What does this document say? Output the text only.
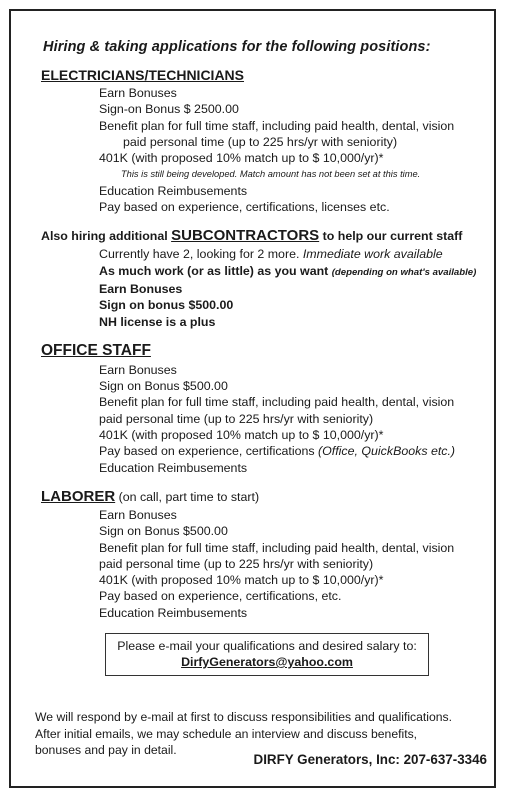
Hiring & taking applications for the following positions:
ELECTRICIANS/TECHNICIANS
Earn Bonuses
Sign-on Bonus $ 2500.00
Benefit plan for full time staff, including paid health, dental, vision
paid personal time (up to 225 hrs/yr with seniority)
401K (with proposed 10% match up to $ 10,000/yr)*
This is still being developed. Match amount has not been set at this time.
Education Reimbusements
Pay based on experience, certifications, licenses etc.
Also hiring additional SUBCONTRACTORS to help our current staff
Currently have 2, looking for 2 more. Immediate work available
As much work (or as little) as you want (depending on what's available)
Earn Bonuses
Sign on bonus $500.00
NH license is a plus
OFFICE STAFF
Earn Bonuses
Sign on Bonus $500.00
Benefit plan for full time staff, including paid health, dental, vision
paid personal time (up to 225 hrs/yr with seniority)
401K (with proposed 10% match up to $ 10,000/yr)*
Pay based on experience, certifications (Office, QuickBooks etc.)
Education Reimbusements
LABORER (on call, part time to start)
Earn Bonuses
Sign on Bonus $500.00
Benefit plan for full time staff, including paid health, dental, vision
paid personal time (up to 225 hrs/yr with seniority)
401K (with proposed 10% match up to $ 10,000/yr)*
Pay based on experience, certifications, etc.
Education Reimbusements
Please e-mail your qualifications and desired salary to:
DirfyGenerators@yahoo.com
We will respond by e-mail at first to discuss responsibilities and qualifications.
After initial emails, we may schedule an interview and discuss benefits,
bonuses and pay in detail.
DIRFY Generators, Inc: 207-637-3346
